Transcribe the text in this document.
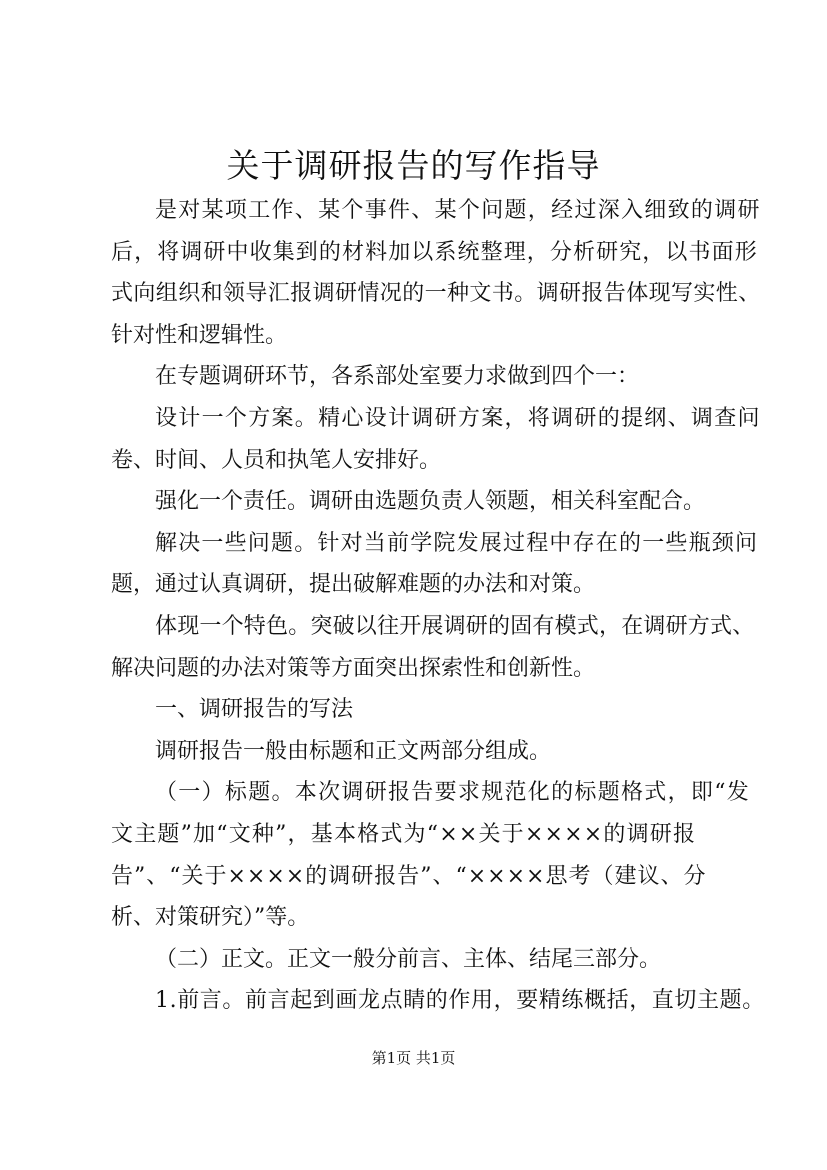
关于调研报告的写作指导
是对某项工作、某个事件、某个问题，经过深入细致的调研
后，将调研中收集到的材料加以系统整理，分析研究，以书面形
式向组织和领导汇报调研情况的一种文书。调研报告体现写实性、
针对性和逻辑性。
在专题调研环节，各系部处室要力求做到四个一：
设计一个方案。精心设计调研方案，将调研的提纲、调查问
卷、时间、人员和执笔人安排好。
强化一个责任。调研由选题负责人领题，相关科室配合。
解决一些问题。针对当前学院发展过程中存在的一些瓶颈问
题，通过认真调研，提出破解难题的办法和对策。
体现一个特色。突破以往开展调研的固有模式，在调研方式、
解决问题的办法对策等方面突出探索性和创新性。
一、调研报告的写法
调研报告一般由标题和正文两部分组成。
（一）标题。本次调研报告要求规范化的标题格式，即“发
文主题”加“文种”，基本格式为“××关于××××的调研报
告”、“关于××××的调研报告”、“××××思考（建议、分
析、对策研究）”等。
（二）正文。正文一般分前言、主体、结尾三部分。
1.前言。前言起到画龙点睛的作用，要精练概括，直切主题。
第1页 共1页
